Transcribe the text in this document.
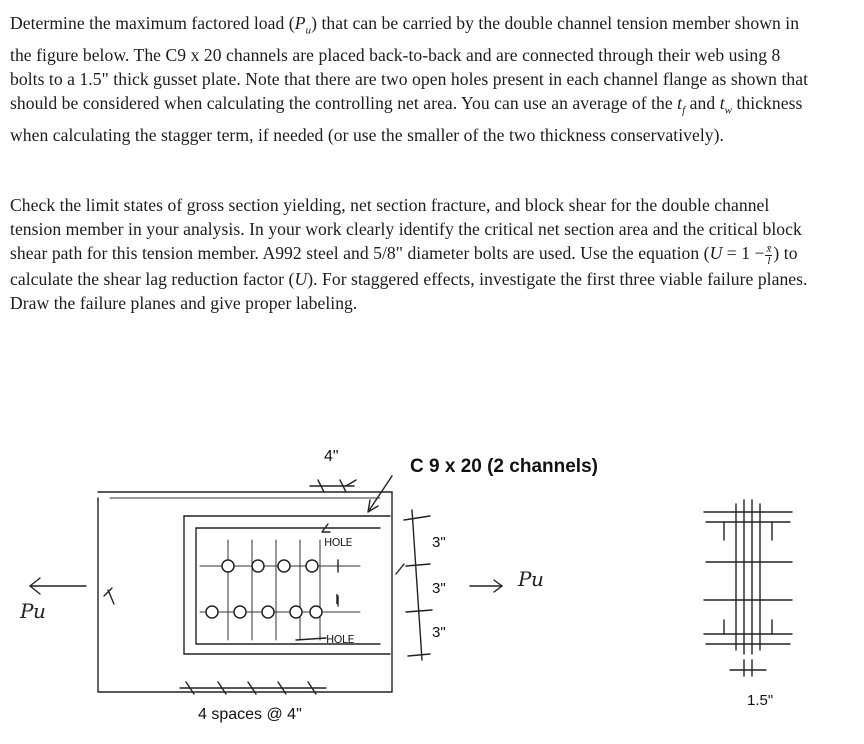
Determine the maximum factored load $(P_u)$ that can be carried by the double channel tension member shown in the figure below. The C9 x 20 channels are placed back-to-back and are connected through their web using 8 bolts to a 1.5" thick gusset plate. Note that there are two open holes present in each channel flange as shown that should be considered when calculating the controlling net area. You can use an average of the $t_f$ and $t_w$ thickness when calculating the stagger term, if needed (or use the smaller of the two thickness conservatively).

Check the limit states of gross section yielding, net section fracture, and block shear for the double channel tension member in your analysis. In your work clearly identify the critical net section area and the critical block shear path for this tension member. A992 steel and 5/8" diameter bolts are used. Use the equation ($U = 1 - \frac{x̄}{l}$ ) to calculate the shear lag reduction factor (U). For staggered effects, investigate the first three viable failure planes. Draw the failure planes and give proper labeling.

HOLE
HOLE
I
Pu
Pu
4"	C 9 x 20 (2 channels)
3"
3"
3"
4 spaces @ 4"
1.5"
